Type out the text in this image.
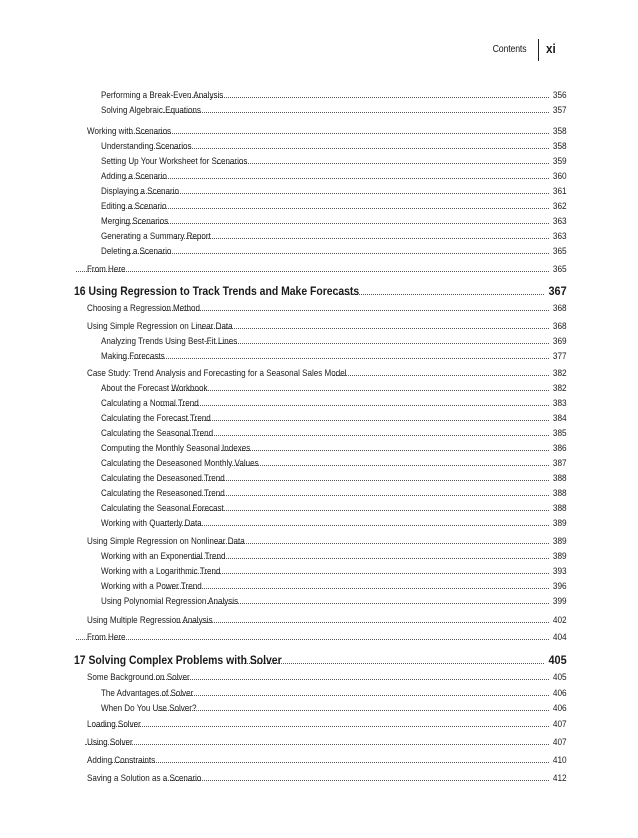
Contents xi
Performing a Break-Even Analysis	356
Solving Algebraic Equations	357
Working with Scenarios	358
Understanding Scenarios	358
Setting Up Your Worksheet for Scenarios	359
Adding a Scenario	360
Displaying a Scenario	361
Editing a Scenario	362
Merging Scenarios	363
Generating a Summary Report	363
Deleting a Scenario	365
From Here	365
16 Using Regression to Track Trends and Make Forecasts	367
Choosing a Regression Method	368
Using Simple Regression on Linear Data	368
Analyzing Trends Using Best-Fit Lines	369
Making Forecasts	377
Case Study: Trend Analysis and Forecasting for a Seasonal Sales Model	382
About the Forecast Workbook	382
Calculating a Normal Trend	383
Calculating the Forecast Trend	384
Calculating the Seasonal Trend	385
Computing the Monthly Seasonal Indexes	386
Calculating the Deseasoned Monthly Values	387
Calculating the Deseasoned Trend	388
Calculating the Reseasoned Trend	388
Calculating the Seasonal Forecast	388
Working with Quarterly Data	389
Using Simple Regression on Nonlinear Data	389
Working with an Exponential Trend	389
Working with a Logarithmic Trend	393
Working with a Power Trend	396
Using Polynomial Regression Analysis	399
Using Multiple Regression Analysis	402
From Here	404
17 Solving Complex Problems with Solver	405
Some Background on Solver	405
The Advantages of Solver	406
When Do You Use Solver?	406
Loading Solver	407
Using Solver	407
Adding Constraints	410
Saving a Solution as a Scenario	412
